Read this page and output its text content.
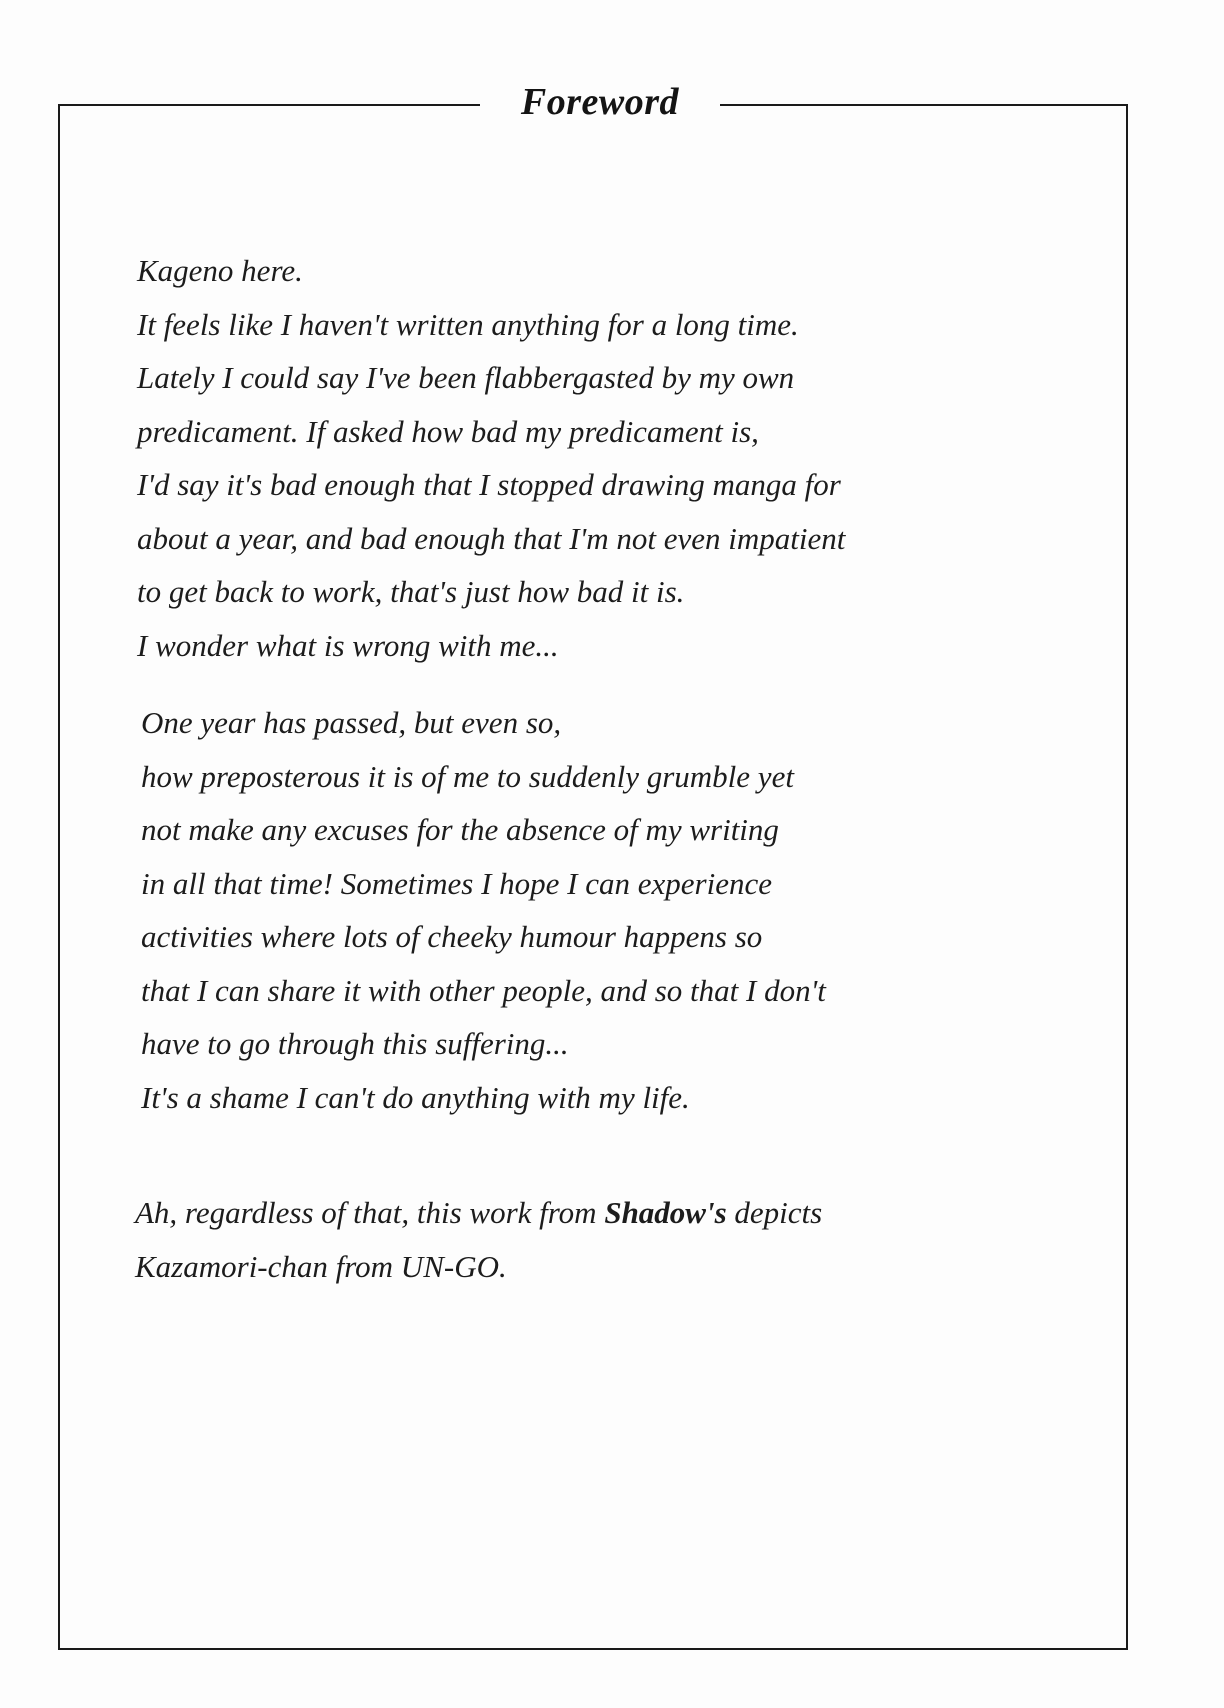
Foreword
Kageno here.
It feels like I haven't written anything for a long time.
Lately I could say I've been flabbergasted by my own
predicament. If asked how bad my predicament is,
I'd say it's bad enough that I stopped drawing manga for
about a year, and bad enough that I'm not even impatient
to get back to work, that's just how bad it is.
I wonder what is wrong with me...
One year has passed, but even so,
how preposterous it is of me to suddenly grumble yet
not make any excuses for the absence of my writing
in all that time! Sometimes I hope I can experience
activities where lots of cheeky humour happens so
that I can share it with other people, and so that I don't
have to go through this suffering...
It's a shame I can't do anything with my life.
Ah, regardless of that, this work from Shadow's depicts
Kazamori-chan from UN-GO.
